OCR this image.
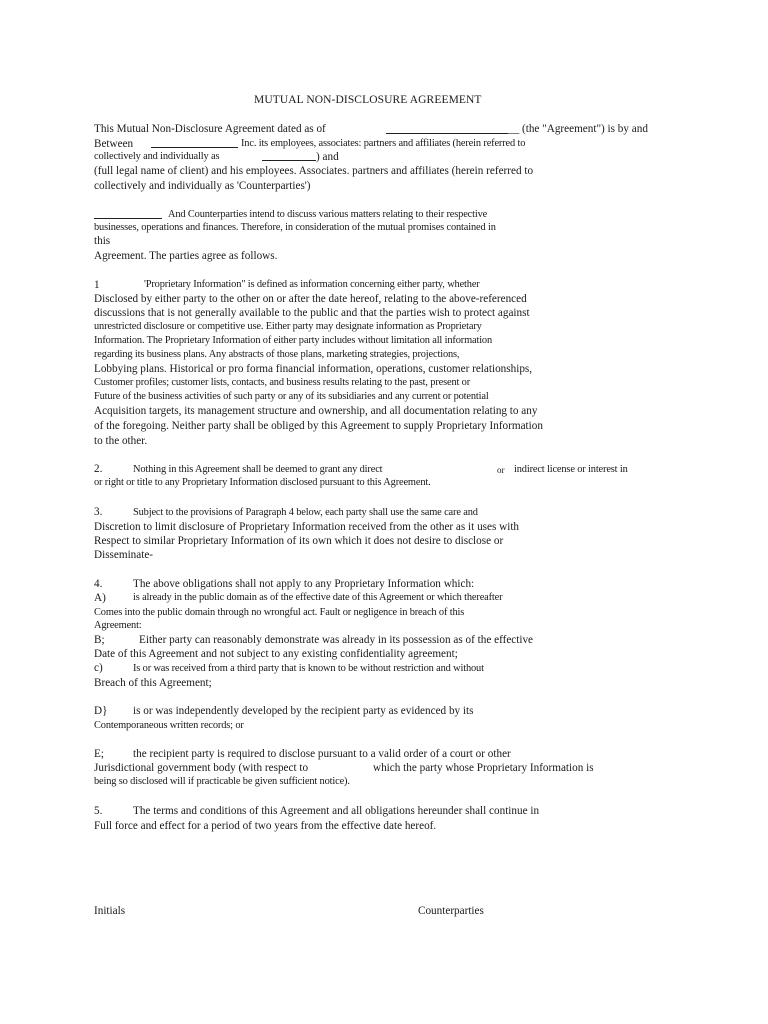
MUTUAL NON-DISCLOSURE AGREEMENT
This Mutual Non-Disclosure Agreement dated as of	__ (the "Agreement") is by and
Between	Inc. its employees, associates: partners and affiliates (herein referred to
collectively and individually as	) and
(full legal name of client) and his employees. Associates. partners and affiliates (herein referred to
collectively and individually as 'Counterparties')
And Counterparties intend to discuss various matters relating to their respective
businesses, operations and finances. Therefore, in consideration of the mutual promises contained in
this
Agreement. The parties agree as follows.
1	'Proprietary Information" is defined as information concerning either party, whether
Disclosed by either party to the other on or after the date hereof, relating to the above-referenced
discussions that is not generally available to the public and that the parties wish to protect against
unrestricted disclosure or competitive use. Either party may designate information as Proprietary
Information. The Proprietary Information of either party includes without limitation all information
regarding its business plans. Any abstracts of those plans, marketing strategies, projections,
Lobbying plans. Historical or pro forma financial information, operations, customer relationships,
Customer profiles; customer lists, contacts, and business results relating to the past, present or
Future of the business activities of such party or any of its subsidiaries and any current or potential
Acquisition targets, its management structure and ownership, and all documentation relating to any
of the foregoing. Neither party shall be obliged by this Agreement to supply Proprietary Information
to the other.
2.	Nothing in this Agreement shall be deemed to grant any direct	or indirect license or interest in
or right or title to any Proprietary Information disclosed pursuant to this Agreement.
3.	Subject to the provisions of Paragraph 4 below, each party shall use the same care and
Discretion to limit disclosure of Proprietary Information received from the other as it uses with
Respect to similar Proprietary Information of its own which it does not desire to disclose or
Disseminate-
4.	The above obligations shall not apply to any Proprietary Information which:
A)	is already in the public domain as of the effective date of this Agreement or which thereafter
Comes into the public domain through no wrongful act. Fault or negligence in breach of this
Agreement:
B;	Either party can reasonably demonstrate was already in its possession as of the effective
Date of this Agreement and not subject to any existing confidentiality agreement;
c)	Is or was received from a third party that is known to be without restriction and without
Breach of this Agreement;
D} is or was independently developed by the recipient party as evidenced by its
Contemporaneous written records; or
E;	the recipient party is required to disclose pursuant to a valid order of a court or other
Jurisdictional government body (with respect to	which the party whose Proprietary Information is
being so disclosed will if practicable be given sufficient notice).
5.	The terms and conditions of this Agreement and all obligations hereunder shall continue in
Full force and effect for a period of two years from the effective date hereof.
Initials	Counterparties
